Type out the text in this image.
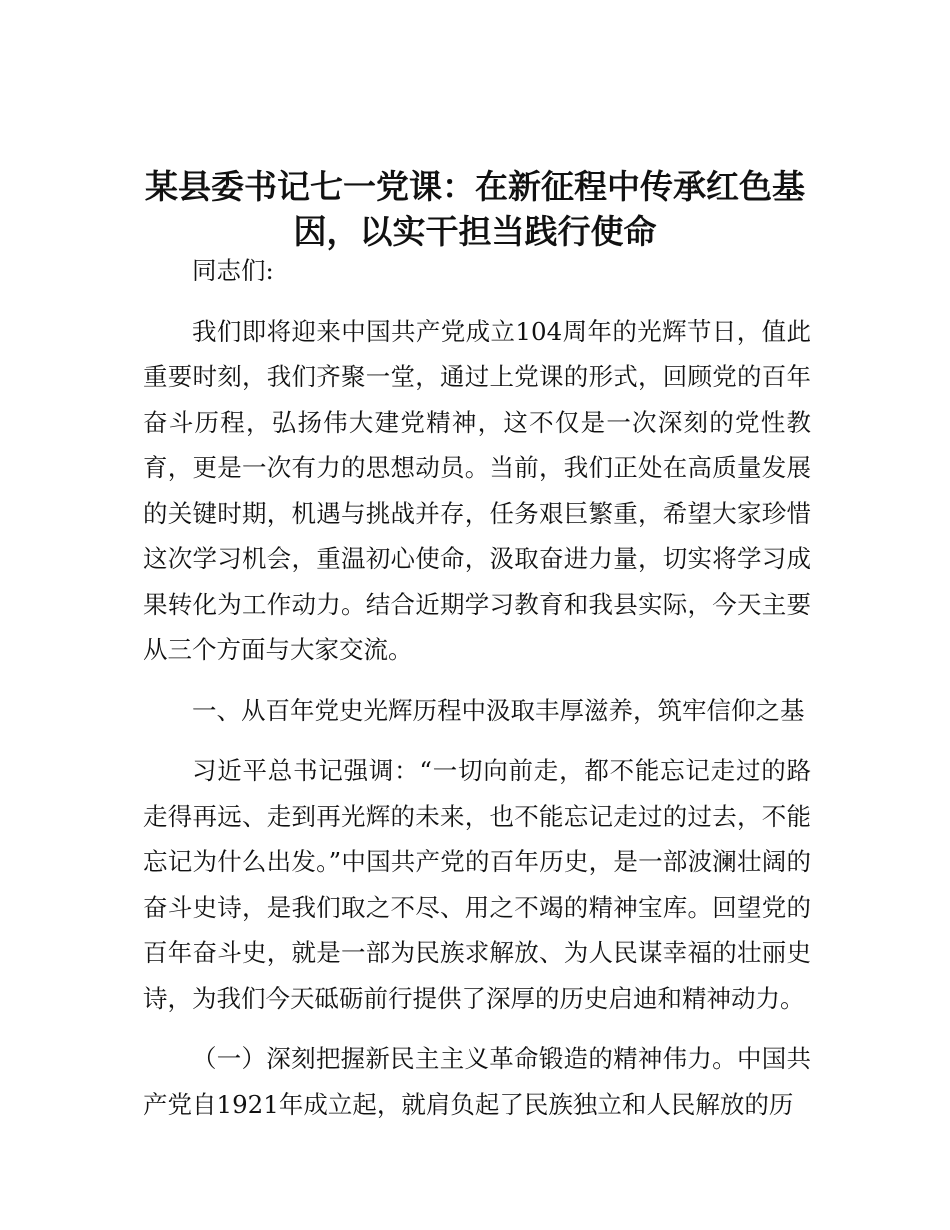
某县委书记七一党课：在新征程中传承红色基因，以实干担当践行使命

同志们:

我们即将迎来中国共产党成立104周年的光辉节日，值此重要时刻，我们齐聚一堂，通过上党课的形式，回顾党的百年奋斗历程，弘扬伟大建党精神，这不仅是一次深刻的党性教育，更是一次有力的思想动员。当前，我们正处在高质量发展的关键时期，机遇与挑战并存，任务艰巨繁重，希望大家珍惜这次学习机会，重温初心使命，汲取奋进力量，切实将学习成果转化为工作动力。结合近期学习教育和我县实际，今天主要从三个方面与大家交流。

一、从百年党史光辉历程中汲取丰厚滋养，筑牢信仰之基

习近平总书记强调：“一切向前走，都不能忘记走过的路走得再远、走到再光辉的未来，也不能忘记走过的过去，不能忘记为什么出发。”中国共产党的百年历史，是一部波澜壮阔的奋斗史诗，是我们取之不尽、用之不竭的精神宝库。回望党的百年奋斗史，就是一部为民族求解放、为人民谋幸福的壮丽史诗，为我们今天砥砺前行提供了深厚的历史启迪和精神动力。

（一）深刻把握新民主主义革命锻造的精神伟力。中国共产党自1921年成立起，就肩负起了民族独立和人民解放的历
